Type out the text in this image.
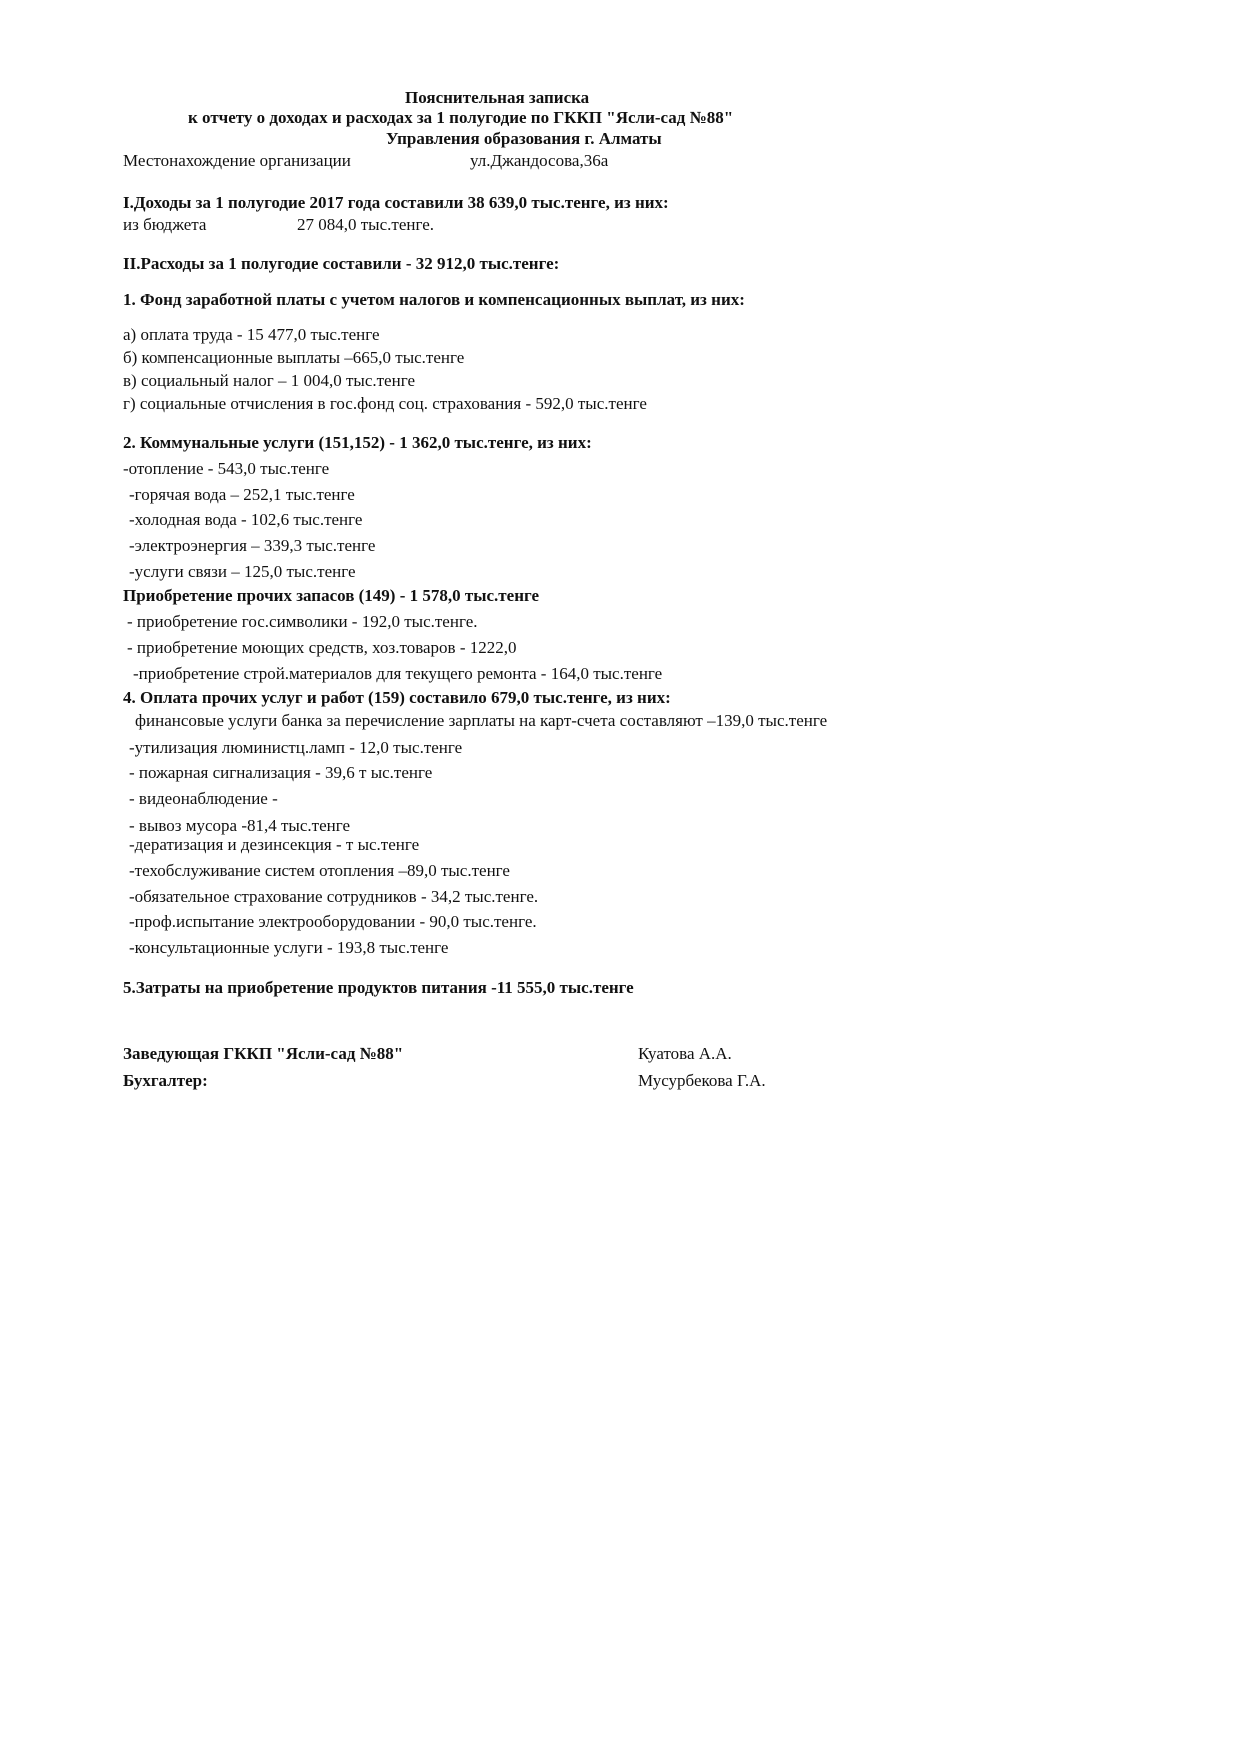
Пояснительная записка
к отчету о доходах и расходах за 1 полугодие по ГККП "Ясли-сад №88"
Управления образования г. Алматы
Местонахождение организации	ул.Джандосова,36а
I.Доходы за 1 полугодие 2017 года составили 38 639,0 тыс.тенге, из них:
из бюджета	27 084,0 тыс.тенге.
II.Расходы за 1 полугодие составили - 32 912,0 тыс.тенге:
1. Фонд заработной платы с учетом налогов и компенсационных выплат, из них:
а) оплата труда - 15 477,0 тыс.тенге
б) компенсационные выплаты –665,0 тыс.тенге
в) социальный налог – 1 004,0 тыс.тенге
г) социальные отчисления в гос.фонд соц. страхования - 592,0 тыс.тенге
2. Коммунальные услуги (151,152) - 1 362,0 тыс.тенге, из них:
-отопление - 543,0 тыс.тенге
-горячая вода – 252,1 тыс.тенге
-холодная вода - 102,6 тыс.тенге
-электроэнергия – 339,3 тыс.тенге
-услуги связи – 125,0 тыс.тенге
Приобретение прочих запасов (149) - 1 578,0 тыс.тенге
- приобретение гос.символики - 192,0 тыс.тенге.
- приобретение моющих средств, хоз.товаров - 1222,0
-приобретение строй.материалов для текущего ремонта - 164,0 тыс.тенге
4. Оплата прочих услуг и работ (159) составило 679,0 тыс.тенге, из них:
финансовые услуги банка за перечисление зарплаты на карт-счета составляют –139,0 тыс.тенге
-утилизация люминистц.ламп - 12,0 тыс.тенге
- пожарная сигнализация - 39,6 т ыс.тенге
- видеонаблюдение -
- вывоз мусора -81,4 тыс.тенге
-дератизация и дезинсекция - т ыс.тенге
-техобслуживание систем отопления –89,0 тыс.тенге
-обязательное страхование сотрудников - 34,2 тыс.тенге.
-проф.испытание электрооборудовании - 90,0 тыс.тенге.
-консультационные услуги - 193,8 тыс.тенге
5.Затраты на приобретение продуктов питания -11 555,0 тыс.тенге
Заведующая ГККП "Ясли-сад №88"	Куатова А.А.
Бухгалтер:	Мусурбекова Г.А.
